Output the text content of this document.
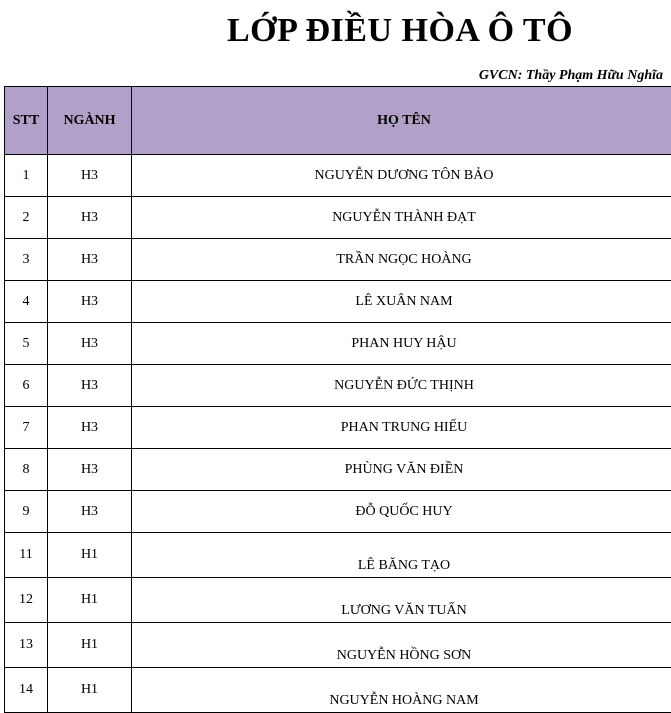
LỚP ĐIỀU HÒA Ô TÔ
GVCN: Thầy Phạm Hữu Nghĩa
STT	NGÀNH	HỌ TÊN
1	H3	NGUYỄN DƯƠNG TÔN BẢO
2	H3	NGUYỄN THÀNH ĐẠT
3	H3	TRẦN NGỌC HOÀNG
4	H3	LÊ XUÂN NAM
5	H3	PHAN HUY HẬU
6	H3	NGUYỄN ĐỨC THỊNH
7	H3	PHAN TRUNG HIẾU
8	H3	PHÙNG VĂN ĐIỀN
9	H3	ĐỖ QUỐC HUY
11	H1	LÊ BĂNG TẠO
12	H1	LƯƠNG VĂN TUẤN
13	H1	NGUYỄN HỒNG SƠN
14	H1	NGUYỄN HOÀNG NAM
